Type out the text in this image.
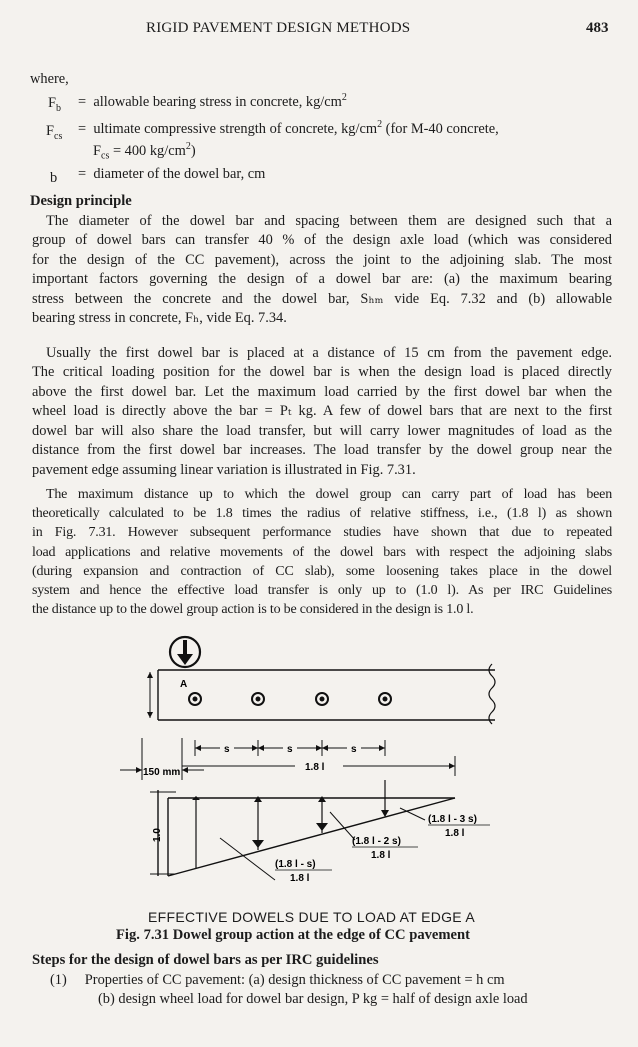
RIGID PAVEMENT DESIGN METHODS	483
where,
$F_b$ = allowable bearing stress in concrete, $kg/cm^2$
$F_{cs}$ = ultimate compressive strength of concrete, $kg/cm^2$ (for M-40 concrete,
$F_{cs} = 400$ $kg/cm^2$)
b = diameter of the dowel bar, cm
Design principle
The diameter of the dowel bar and spacing between them are designed such that a
group of dowel bars can transfer 40 % of the design axle load (which was considered
for the design of the CC pavement), across the joint to the adjoining slab. The most
important factors governing the design of a dowel bar are: (a) the maximum bearing
stress between the concrete and the dowel bar, Sₕₘ vide Eq. 7.32 and (b) allowable
bearing stress in concrete, Fₕ, vide Eq. 7.34.
Usually the first dowel bar is placed at a distance of 15 cm from the pavement edge.
The critical loading position for the dowel bar is when the design load is placed directly
above the first dowel bar. Let the maximum load carried by the first dowel bar when the
wheel load is directly above the bar = Pₜ kg. A few of dowel bars that are next to the first
dowel bar will also share the load transfer, but will carry lower magnitudes of load as the
distance from the first dowel bar increases. The load transfer by the dowel group near the
pavement edge assuming linear variation is illustrated in Fig. 7.31.
The maximum distance up to which the dowel group can carry part of load has been
theoretically calculated to be 1.8 times the radius of relative stiffness, i.e., (1.8 l) as shown
in Fig. 7.31. However subsequent performance studies have shown that due to repeated
load applications and relative movements of the dowel bars with respect the adjoining slabs
(during expansion and contraction of CC slab), some loosening takes place in the dowel
system and hence the effective load transfer is only up to (1.0 l). As per IRC Guidelines
the distance up to the dowel group action is to be considered in the design is 1.0 l.
A
s	s	s
150 mm	1.8 l
1.0
(1.8 l - s)
1.8 l
(1.8 l - 2 s)
1.8 l
(1.8 l - 3 s)
1.8 l
EFFECTIVE DOWELS DUE TO LOAD AT EDGE A
Fig. 7.31 Dowel group action at the edge of CC pavement
Steps for the design of dowel bars as per IRC guidelines
(1) Properties of CC pavement: (a) design thickness of CC pavement = h cm
(b) design wheel load for dowel bar design, P kg = half of design axle load
